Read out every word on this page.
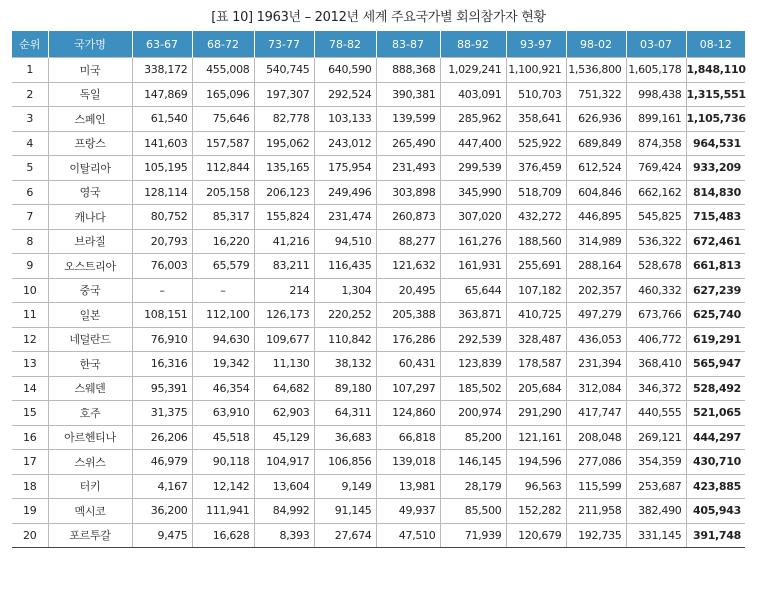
[표 10] 1963년 – 2012년 세계 주요국가별 회의참가자 현황
순위	국가명	63-67	68-72	73-77	78-82	83-87	88-92	93-97	98-02	03-07	08-12
1	미국	338,172	455,008	540,745	640,590	888,368	1,029,241	1,100,921	1,536,800	1,605,178	1,848,110
2	독일	147,869	165,096	197,307	292,524	390,381	403,091	510,703	751,322	998,438	1,315,551
3	스페인	61,540	75,646	82,778	103,133	139,599	285,962	358,641	626,936	899,161	1,105,736
4	프랑스	141,603	157,587	195,062	243,012	265,490	447,400	525,922	689,849	874,358	964,531
5	이탈리아	105,195	112,844	135,165	175,954	231,493	299,539	376,459	612,524	769,424	933,209
6	영국	128,114	205,158	206,123	249,496	303,898	345,990	518,709	604,846	662,162	814,830
7	캐나다	80,752	85,317	155,824	231,474	260,873	307,020	432,272	446,895	545,825	715,483
8	브라질	20,793	16,220	41,216	94,510	88,277	161,276	188,560	314,989	536,322	672,461
9	오스트리아	76,003	65,579	83,211	116,435	121,632	161,931	255,691	288,164	528,678	661,813
10	중국	–	–	214	1,304	20,495	65,644	107,182	202,357	460,332	627,239
11	일본	108,151	112,100	126,173	220,252	205,388	363,871	410,725	497,279	673,766	625,740
12	네덜란드	76,910	94,630	109,677	110,842	176,286	292,539	328,487	436,053	406,772	619,291
13	한국	16,316	19,342	11,130	38,132	60,431	123,839	178,587	231,394	368,410	565,947
14	스웨덴	95,391	46,354	64,682	89,180	107,297	185,502	205,684	312,084	346,372	528,492
15	호주	31,375	63,910	62,903	64,311	124,860	200,974	291,290	417,747	440,555	521,065
16	아르헨티나	26,206	45,518	45,129	36,683	66,818	85,200	121,161	208,048	269,121	444,297
17	스위스	46,979	90,118	104,917	106,856	139,018	146,145	194,596	277,086	354,359	430,710
18	터키	4,167	12,142	13,604	9,149	13,981	28,179	96,563	115,599	253,687	423,885
19	멕시코	36,200	111,941	84,992	91,145	49,937	85,500	152,282	211,958	382,490	405,943
20	포르투갈	9,475	16,628	8,393	27,674	47,510	71,939	120,679	192,735	331,145	391,748
